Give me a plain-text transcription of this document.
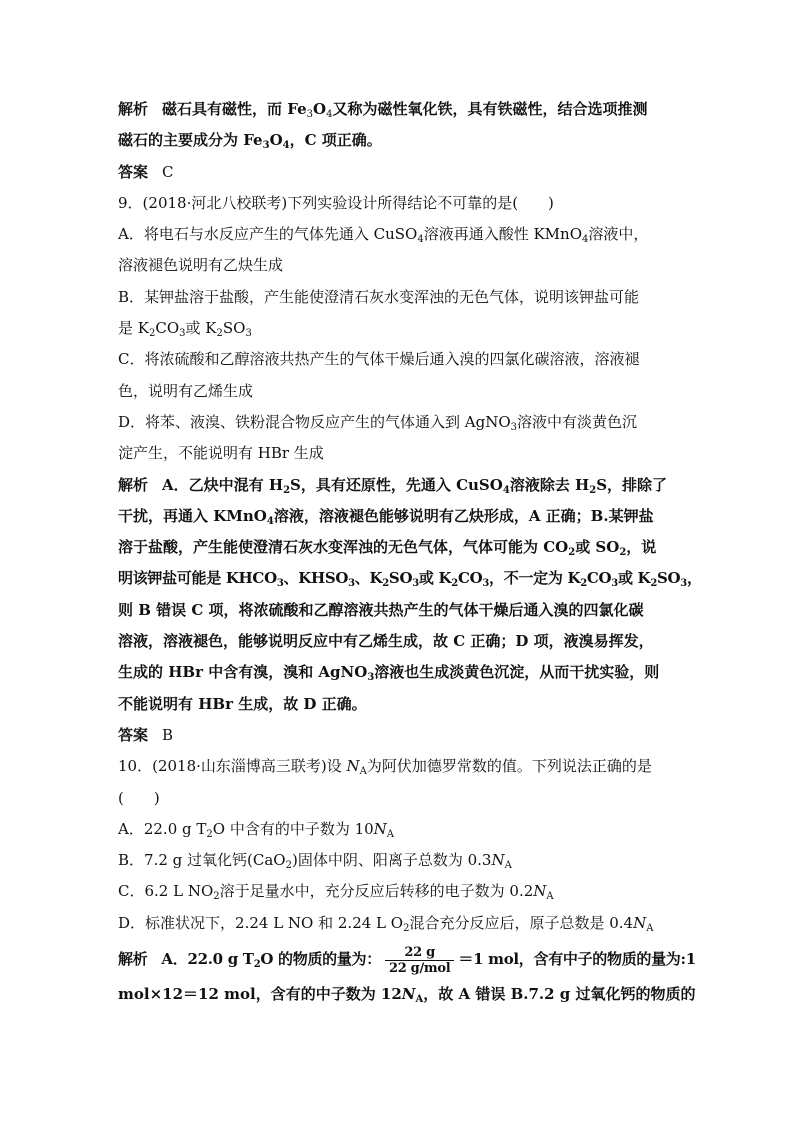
解析 磁石具有磁性，而 $Fe_3O_4$又称为磁性氧化铁，具有铁磁性，结合选项推测
磁石的主要成分为 $Fe_3O_4$，C 项正确。
答案 C
9．(2018·河北八校联考)下列实验设计所得结论不可靠的是(　　)
A．将电石与水反应产生的气体先通入 CuSO$_4$溶液再通入酸性 KMnO$_4$溶液中，
溶液褪色说明有乙炔生成
B．某钾盐溶于盐酸，产生能使澄清石灰水变浑浊的无色气体，说明该钾盐可能
是 $K_2CO_3$或 $K_2SO_3$
C．将浓硫酸和乙醇溶液共热产生的气体干燥后通入溴的四氯化碳溶液，溶液褪
色，说明有乙烯生成
D．将苯、液溴、铁粉混合物反应产生的气体通入到 AgNO$_3$溶液中有淡黄色沉
淀产生，不能说明有 HBr 生成
解析 A．乙炔中混有 $H_2S$，具有还原性，先通入 CuSO$_4$溶液除去 $H_2S$，排除了
干扰，再通入 KMnO$_4$溶液，溶液褪色能够说明有乙炔形成，A 正确；B.某钾盐
溶于盐酸，产生能使澄清石灰水变浑浊的无色气体，气体可能为 $CO_2$或 $SO_2$，说
明该钾盐可能是 $KHCO_3$、$KHSO_3$、$K_2SO_3$或 $K_2CO_3$，不一定为 $K_2CO_3$或 $K_2SO_3$，
则 B 错误 C 项，将浓硫酸和乙醇溶液共热产生的气体干燥后通入溴的四氯化碳
溶液，溶液褪色，能够说明反应中有乙烯生成，故 C 正确；D 项，液溴易挥发，
生成的 HBr 中含有溴，溴和 AgNO$_3$溶液也生成淡黄色沉淀，从而干扰实验，则
不能说明有 HBr 生成，故 D 正确。
答案 B
10．(2018·山东淄博高三联考)设 $N_A$为阿伏加德罗常数的值。下列说法正确的是
(　　)
A．22.0 g $T_2O$ 中含有的中子数为 $10N_A$
B．7.2 g 过氧化钙(CaO$_2$)固体中阴、阳离子总数为 $0.3N_A$
C．6.2 L $NO_2$溶于足量水中，充分反应后转移的电子数为 $0.2N_A$
D．标准状况下，2.24 L NO 和 2.24 L $O_2$混合充分反应后，原子总数是 $0.4N_A$
解析 A．22.0 g $T_2O$ 的物质的量为： $\frac{22 g}{\text{22 g/mol}} =1$ mol，含有中子的物质的量为:1
mol×12＝12 mol，含有的中子数为 $12N_A$，故 A 错误 B.7.2 g 过氧化钙的物质的
